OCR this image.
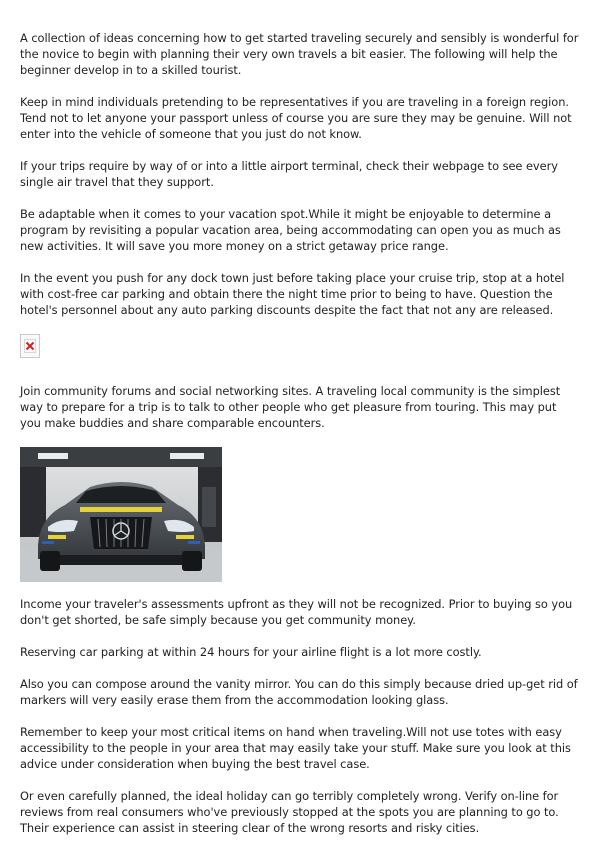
A collection of ideas concerning how to get started traveling securely and sensibly is wonderful for the novice to begin with planning their very own travels a bit easier. The following will help the beginner develop in to a skilled tourist.

Keep in mind individuals pretending to be representatives if you are traveling in a foreign region. Tend not to let anyone your passport unless of course you are sure they may be genuine. Will not enter into the vehicle of someone that you just do not know.

If your trips require by way of or into a little airport terminal, check their webpage to see every single air travel that they support.

Be adaptable when it comes to your vacation spot.While it might be enjoyable to determine a program by revisiting a popular vacation area, being accommodating can open you as much as new activities. It will save you more money on a strict getaway price range.

In the event you push for any dock town just before taking place your cruise trip, stop at a hotel with cost-free car parking and obtain there the night time prior to being to have. Question the hotel's personnel about any auto parking discounts despite the fact that not any are released.

Join community forums and social networking sites. A traveling local community is the simplest way to prepare for a trip is to talk to other people who get pleasure from touring. This may put you make buddies and share comparable encounters.

Income your traveler's assessments upfront as they will not be recognized. Prior to buying so you don't get shorted, be safe simply because you get community money.

Reserving car parking at within 24 hours for your airline flight is a lot more costly.

Also you can compose around the vanity mirror. You can do this simply because dried up-get rid of markers will very easily erase them from the accommodation looking glass.

Remember to keep your most critical items on hand when traveling.Will not use totes with easy accessibility to the people in your area that may easily take your stuff. Make sure you look at this advice under consideration when buying the best travel case.

Or even carefully planned, the ideal holiday can go terribly completely wrong. Verify on-line for reviews from real consumers who've previously stopped at the spots you are planning to go to. Their experience can assist in steering clear of the wrong resorts and risky cities.
